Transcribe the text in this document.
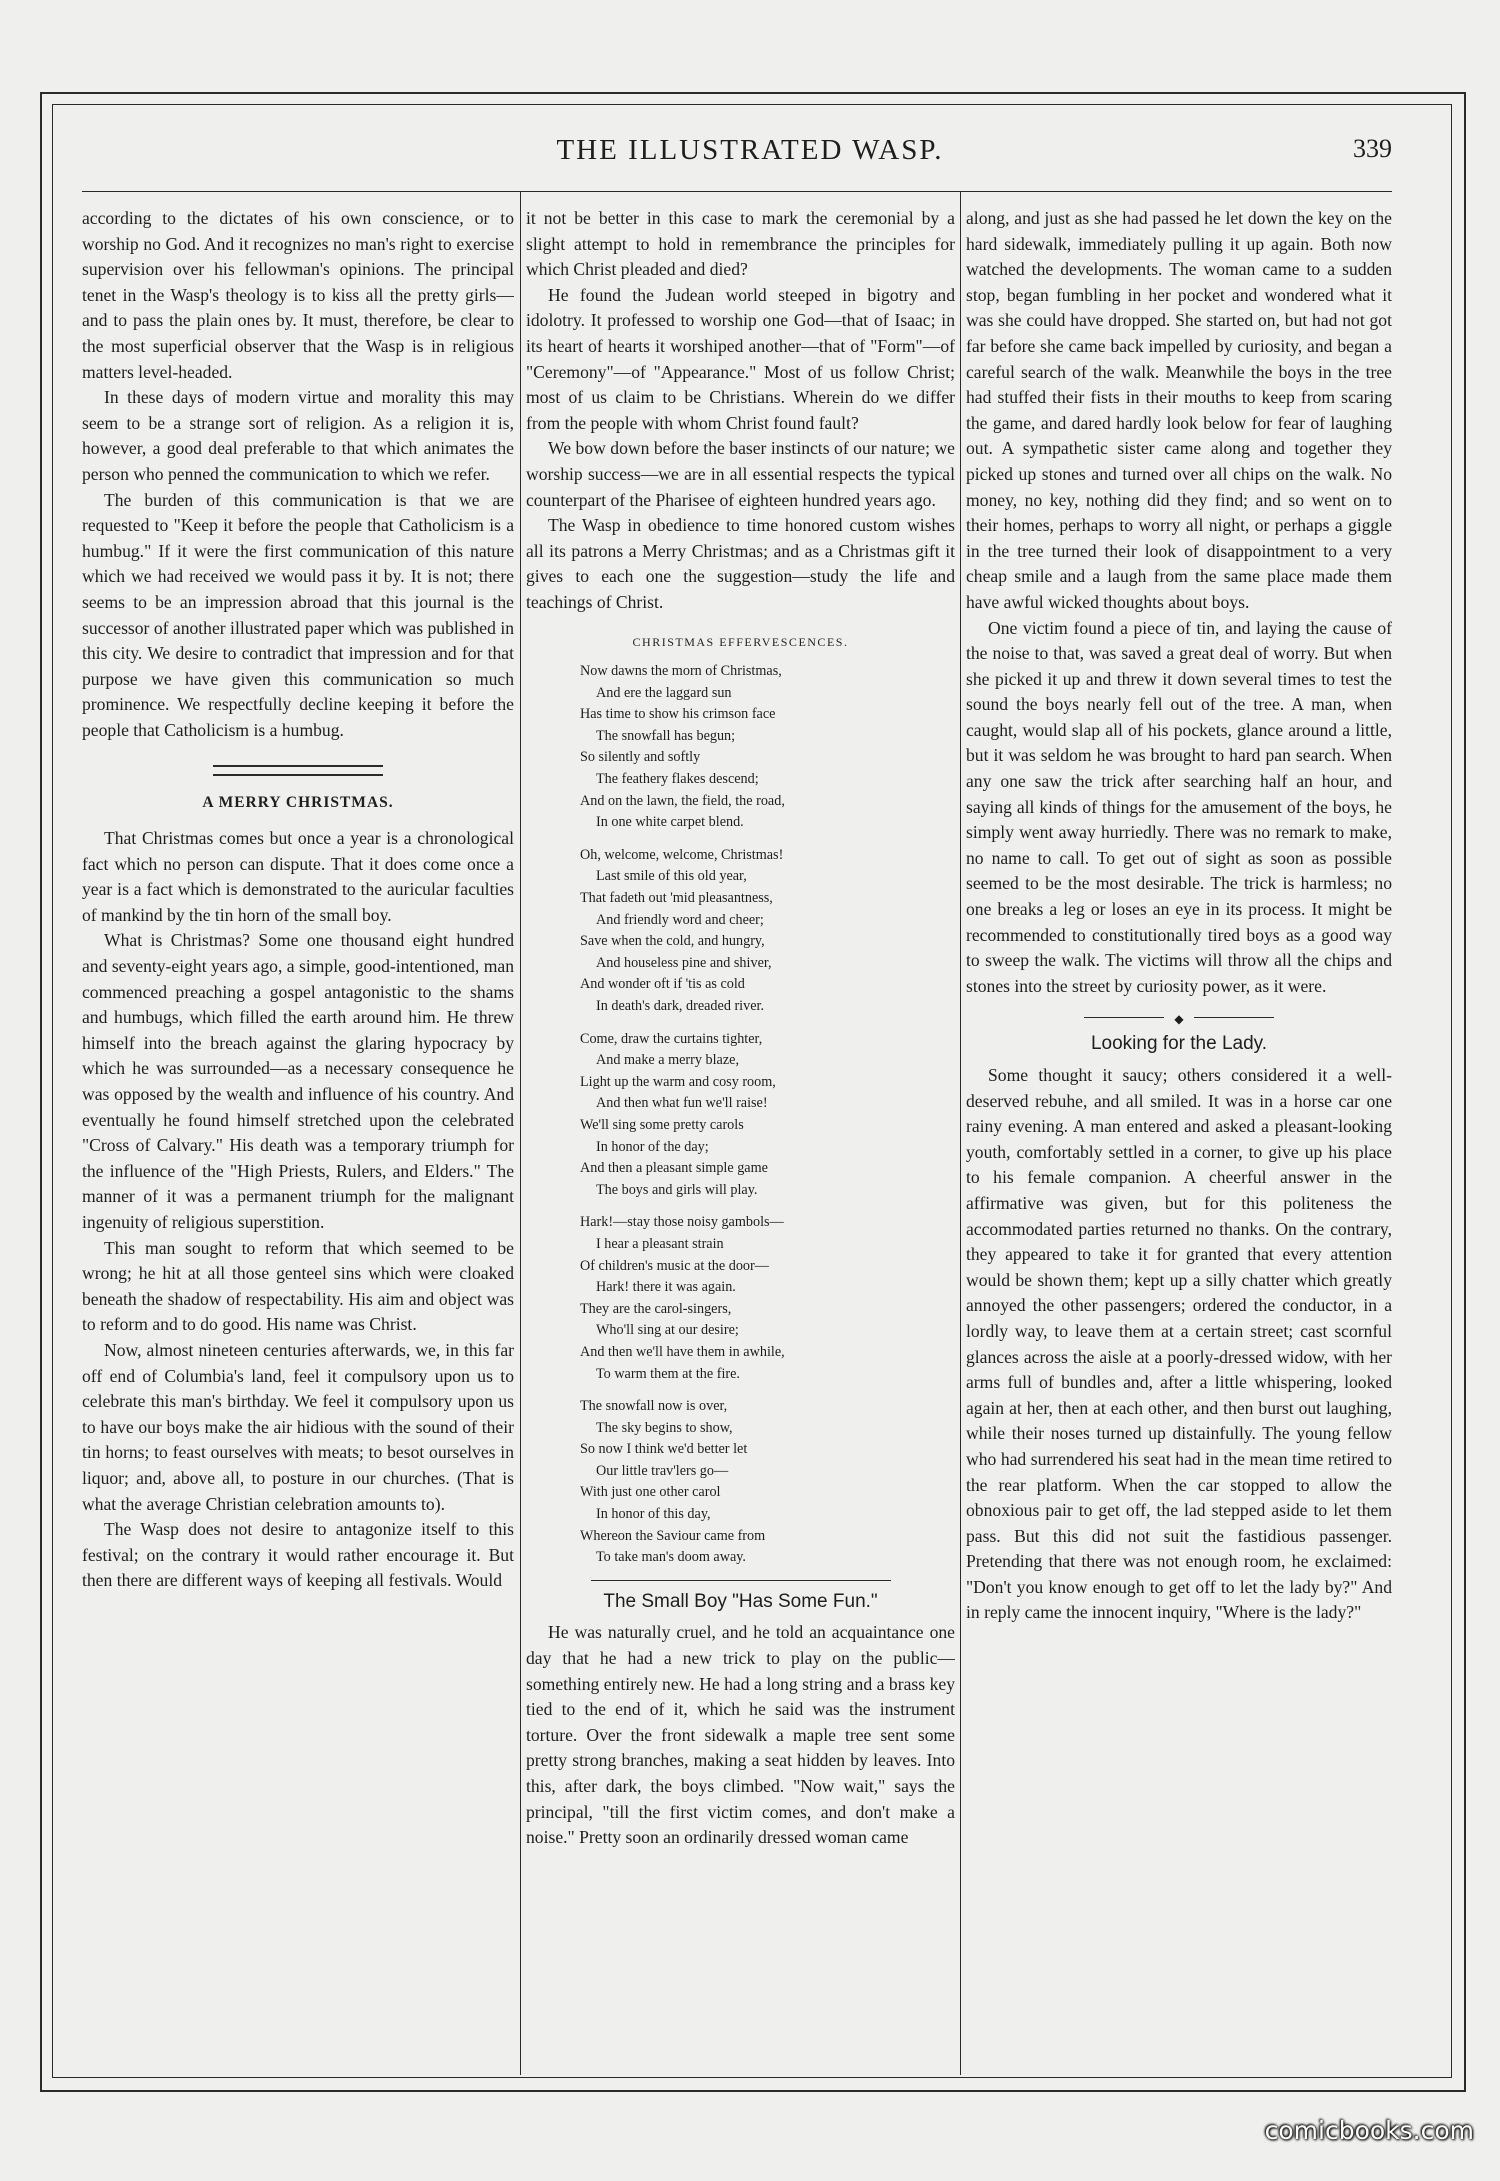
THE ILLUSTRATED WASP.	339

according to the dictates of his own conscience, or to worship no God. And it recognizes no man's right to exercise supervision over his fellowman's opinions. The principal tenet in the Wasp's theology is to kiss all the pretty girls—and to pass the plain ones by. It must, therefore, be clear to the most superficial observer that the Wasp is in religious matters level-headed.

In these days of modern virtue and morality this may seem to be a strange sort of religion. As a religion it is, however, a good deal preferable to that which animates the person who penned the communication to which we refer.

The burden of this communication is that we are requested to "Keep it before the people that Catholicism is a humbug." If it were the first communication of this nature which we had received we would pass it by. It is not; there seems to be an impression abroad that this journal is the successor of another illustrated paper which was published in this city. We desire to contradict that impression and for that purpose we have given this communication so much prominence. We respectfully decline keeping it before the people that Catholicism is a humbug.

A MERRY CHRISTMAS.

That Christmas comes but once a year is a chronological fact which no person can dispute. That it does come once a year is a fact which is demonstrated to the auricular faculties of mankind by the tin horn of the small boy.

What is Christmas? Some one thousand eight hundred and seventy-eight years ago, a simple, good-intentioned, man commenced preaching a gospel antagonistic to the shams and humbugs, which filled the earth around him. He threw himself into the breach against the glaring hypocracy by which he was surrounded—as a necessary consequence he was opposed by the wealth and influence of his country. And eventually he found himself stretched upon the celebrated "Cross of Calvary." His death was a temporary triumph for the influence of the "High Priests, Rulers, and Elders." The manner of it was a permanent triumph for the malignant ingenuity of religious superstition.

This man sought to reform that which seemed to be wrong; he hit at all those genteel sins which were cloaked beneath the shadow of respectability. His aim and object was to reform and to do good. His name was Christ.

Now, almost nineteen centuries afterwards, we, in this far off end of Columbia's land, feel it compulsory upon us to celebrate this man's birthday. We feel it compulsory upon us to have our boys make the air hidious with the sound of their tin horns; to feast ourselves with meats; to besot ourselves in liquor; and, above all, to posture in our churches. (That is what the average Christian celebration amounts to).

The Wasp does not desire to antagonize itself to this festival; on the contrary it would rather encourage it. But then there are different ways of keeping all festivals. Would

it not be better in this case to mark the ceremonial by a slight attempt to hold in remembrance the principles for which Christ pleaded and died?

He found the Judean world steeped in bigotry and idolotry. It professed to worship one God—that of Isaac; in its heart of hearts it worshiped another—that of "Form"—of "Ceremony"—of "Appearance." Most of us follow Christ; most of us claim to be Christians. Wherein do we differ from the people with whom Christ found fault?

We bow down before the baser instincts of our nature; we worship success—we are in all essential respects the typical counterpart of the Pharisee of eighteen hundred years ago.

The Wasp in obedience to time honored custom wishes all its patrons a Merry Christmas; and as a Christmas gift it gives to each one the suggestion—study the life and teachings of Christ.

CHRISTMAS EFFERVESCENCES.
Now dawns the morn of Christmas,
And ere the laggard sun
Has time to show his crimson face
The snowfall has begun;
So silently and softly
The feathery flakes descend;
And on the lawn, the field, the road,
In one white carpet blend.
Oh, welcome, welcome, Christmas!
Last smile of this old year,
That fadeth out 'mid pleasantness,
And friendly word and cheer;
Save when the cold, and hungry,
And houseless pine and shiver,
And wonder oft if 'tis as cold
In death's dark, dreaded river.
Come, draw the curtains tighter,
And make a merry blaze,
Light up the warm and cosy room,
And then what fun we'll raise!
We'll sing some pretty carols
In honor of the day;
And then a pleasant simple game
The boys and girls will play.
Hark!—stay those noisy gambols—
I hear a pleasant strain
Of children's music at the door—
Hark! there it was again.
They are the carol-singers,
Who'll sing at our desire;
And then we'll have them in awhile,
To warm them at the fire.
The snowfall now is over,
The sky begins to show,
So now I think we'd better let
Our little trav'lers go—
With just one other carol
In honor of this day,
Whereon the Saviour came from
To take man's doom away.
The Small Boy "Has Some Fun."

He was naturally cruel, and he told an acquaintance one day that he had a new trick to play on the public—something entirely new. He had a long string and a brass key tied to the end of it, which he said was the instrument torture. Over the front sidewalk a maple tree sent some pretty strong branches, making a seat hidden by leaves. Into this, after dark, the boys climbed. "Now wait," says the principal, "till the first victim comes, and don't make a noise." Pretty soon an ordinarily dressed woman came

along, and just as she had passed he let down the key on the hard sidewalk, immediately pulling it up again. Both now watched the developments. The woman came to a sudden stop, began fumbling in her pocket and wondered what it was she could have dropped. She started on, but had not got far before she came back impelled by curiosity, and began a careful search of the walk. Meanwhile the boys in the tree had stuffed their fists in their mouths to keep from scaring the game, and dared hardly look below for fear of laughing out. A sympathetic sister came along and together they picked up stones and turned over all chips on the walk. No money, no key, nothing did they find; and so went on to their homes, perhaps to worry all night, or perhaps a giggle in the tree turned their look of disappointment to a very cheap smile and a laugh from the same place made them have awful wicked thoughts about boys.

One victim found a piece of tin, and laying the cause of the noise to that, was saved a great deal of worry. But when she picked it up and threw it down several times to test the sound the boys nearly fell out of the tree. A man, when caught, would slap all of his pockets, glance around a little, but it was seldom he was brought to hard pan search. When any one saw the trick after searching half an hour, and saying all kinds of things for the amusement of the boys, he simply went away hurriedly. There was no remark to make, no name to call. To get out of sight as soon as possible seemed to be the most desirable. The trick is harmless; no one breaks a leg or loses an eye in its process. It might be recommended to constitutionally tired boys as a good way to sweep the walk. The victims will throw all the chips and stones into the street by curiosity power, as it were.

◆
Looking for the Lady.

Some thought it saucy; others considered it a well-deserved rebuhe, and all smiled. It was in a horse car one rainy evening. A man entered and asked a pleasant-looking youth, comfortably settled in a corner, to give up his place to his female companion. A cheerful answer in the affirmative was given, but for this politeness the accommodated parties returned no thanks. On the contrary, they appeared to take it for granted that every attention would be shown them; kept up a silly chatter which greatly annoyed the other passengers; ordered the conductor, in a lordly way, to leave them at a certain street; cast scornful glances across the aisle at a poorly-dressed widow, with her arms full of bundles and, after a little whispering, looked again at her, then at each other, and then burst out laughing, while their noses turned up distainfully. The young fellow who had surrendered his seat had in the mean time retired to the rear platform. When the car stopped to allow the obnoxious pair to get off, the lad stepped aside to let them pass. But this did not suit the fastidious passenger. Pretending that there was not enough room, he exclaimed: "Don't you know enough to get off to let the lady by?" And in reply came the innocent inquiry, "Where is the lady?"

comicbooks.com
